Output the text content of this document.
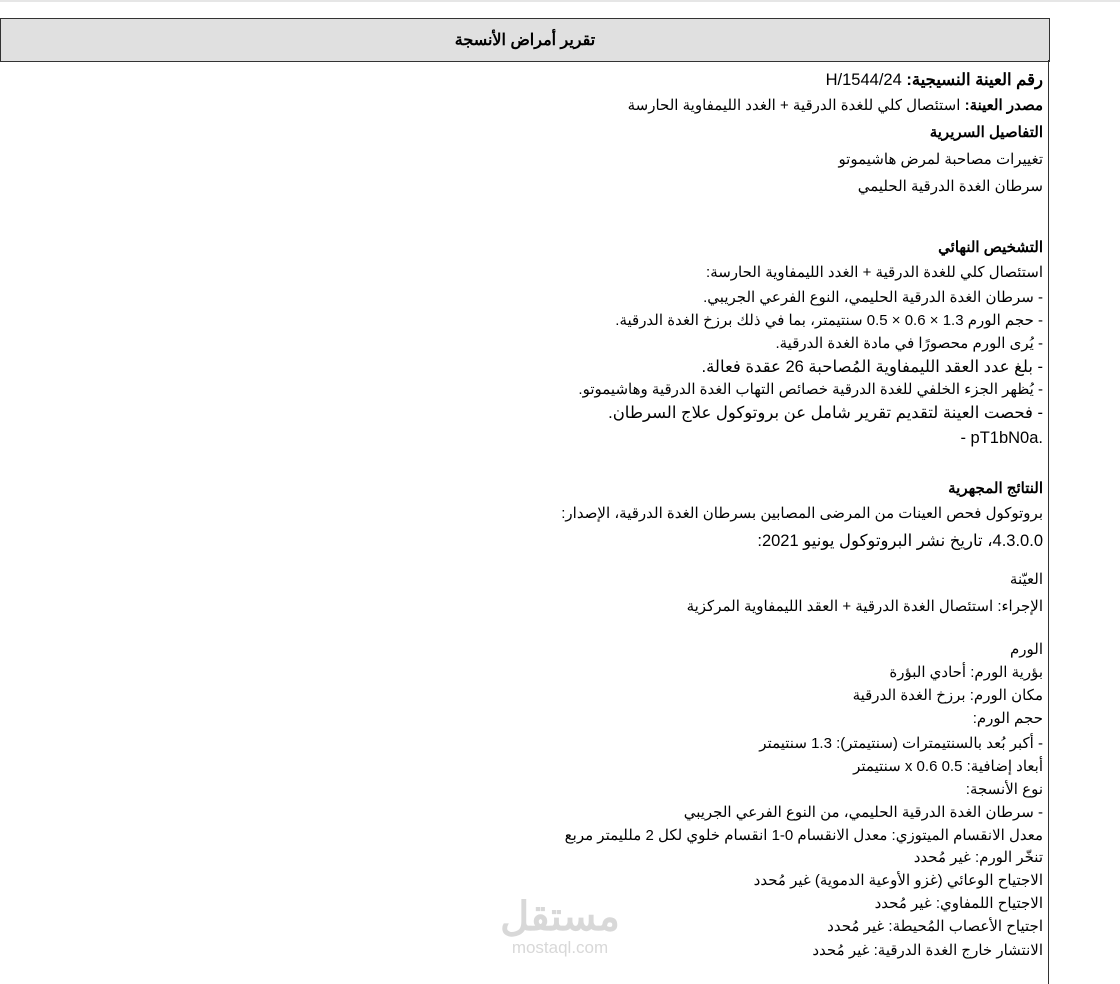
تقرير أمراض الأنسجة
رقم العينة النسيجية: H/1544/24
مصدر العينة: استئصال كلي للغدة الدرقية + الغدد الليمفاوية الحارسة
التفاصيل السريرية
تغييرات مصاحبة لمرض هاشيموتو
سرطان الغدة الدرقية الحليمي
التشخيص النهائي
استئصال كلي للغدة الدرقية + الغدد الليمفاوية الحارسة:
- سرطان الغدة الدرقية الحليمي، النوع الفرعي الجريبي.
- حجم الورم 1.3 × 0.6 × 0.5 سنتيمتر، بما في ذلك برزخ الغدة الدرقية.
- يُرى الورم محصورًا في مادة الغدة الدرقية.
- بلغ عدد العقد الليمفاوية المُصاحبة 26 عقدة فعالة.
- يُظهر الجزء الخلفي للغدة الدرقية خصائص التهاب الغدة الدرقية وهاشيموتو.
- فحصت العينة لتقديم تقرير شامل عن بروتوكول علاج السرطان.
- pT1bN0a.
النتائج المجهرية
بروتوكول فحص العينات من المرضى المصابين بسرطان الغدة الدرقية، الإصدار:
4.3.0.0، تاريخ نشر البروتوكول يونيو 2021:
العيّنة
الإجراء: استئصال الغدة الدرقية + العقد الليمفاوية المركزية
الورم
بؤرية الورم: أحادي البؤرة
مكان الورم: برزخ الغدة الدرقية
حجم الورم:
- أكبر بُعد بالسنتيمترات (سنتيمتر): 1.3 سنتيمتر
أبعاد إضافية: 0.5 x 0.6 سنتيمتر
نوع الأنسجة:
- سرطان الغدة الدرقية الحليمي، من النوع الفرعي الجريبي
معدل الانقسام الميتوزي: معدل الانقسام 0-1 انقسام خلوي لكل 2 ملليمتر مربع
تنخّر الورم: غير مُحدد
الاجتياح الوعائي (غزو الأوعية الدموية) غير مُحدد
الاجتياح اللمفاوي: غير مُحدد
اجتياح الأعصاب المُحيطة: غير مُحدد
الانتشار خارج الغدة الدرقية: غير مُحدد
مستقل
mostaql.com
